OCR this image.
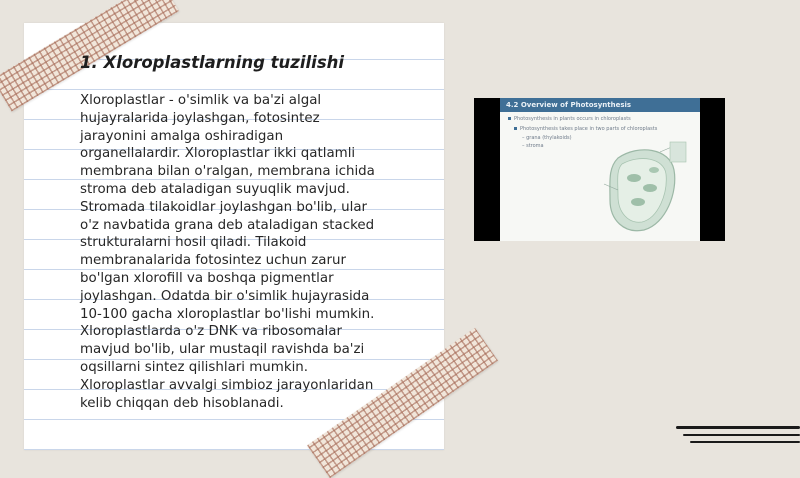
1. Xloroplastlarning tuzilishi

Xloroplastlar - o'simlik va ba'zi algal
hujayralarida joylashgan, fotosintez
jarayonini amalga oshiradigan
organellalardir. Xloroplastlar ikki qatlamli
membrana bilan o'ralgan, membrana ichida
stroma deb ataladigan suyuqlik mavjud.
Stromada tilakoidlar joylashgan bo'lib, ular
o'z navbatida grana deb ataladigan stacked
strukturalarni hosil qiladi. Tilakoid
membranalarida fotosintez uchun zarur
bo'lgan xlorofill va boshqa pigmentlar
joylashgan. Odatda bir o'simlik hujayrasida
10-100 gacha xloroplastlar bo'lishi mumkin.
Xloroplastlarda o'z DNK va ribosomalar
mavjud bo'lib, ular mustaqil ravishda ba'zi
oqsillarni sintez qilishlari mumkin.
Xloroplastlar avvalgi simbioz jarayonlaridan
kelib chiqqan deb hisoblanadi.

4.2 Overview of Photosynthesis
Photosynthesis in plants occurs in chloroplasts
Photosynthesis takes place in two parts of chloroplasts
– grana (thylakoids)
– stroma
